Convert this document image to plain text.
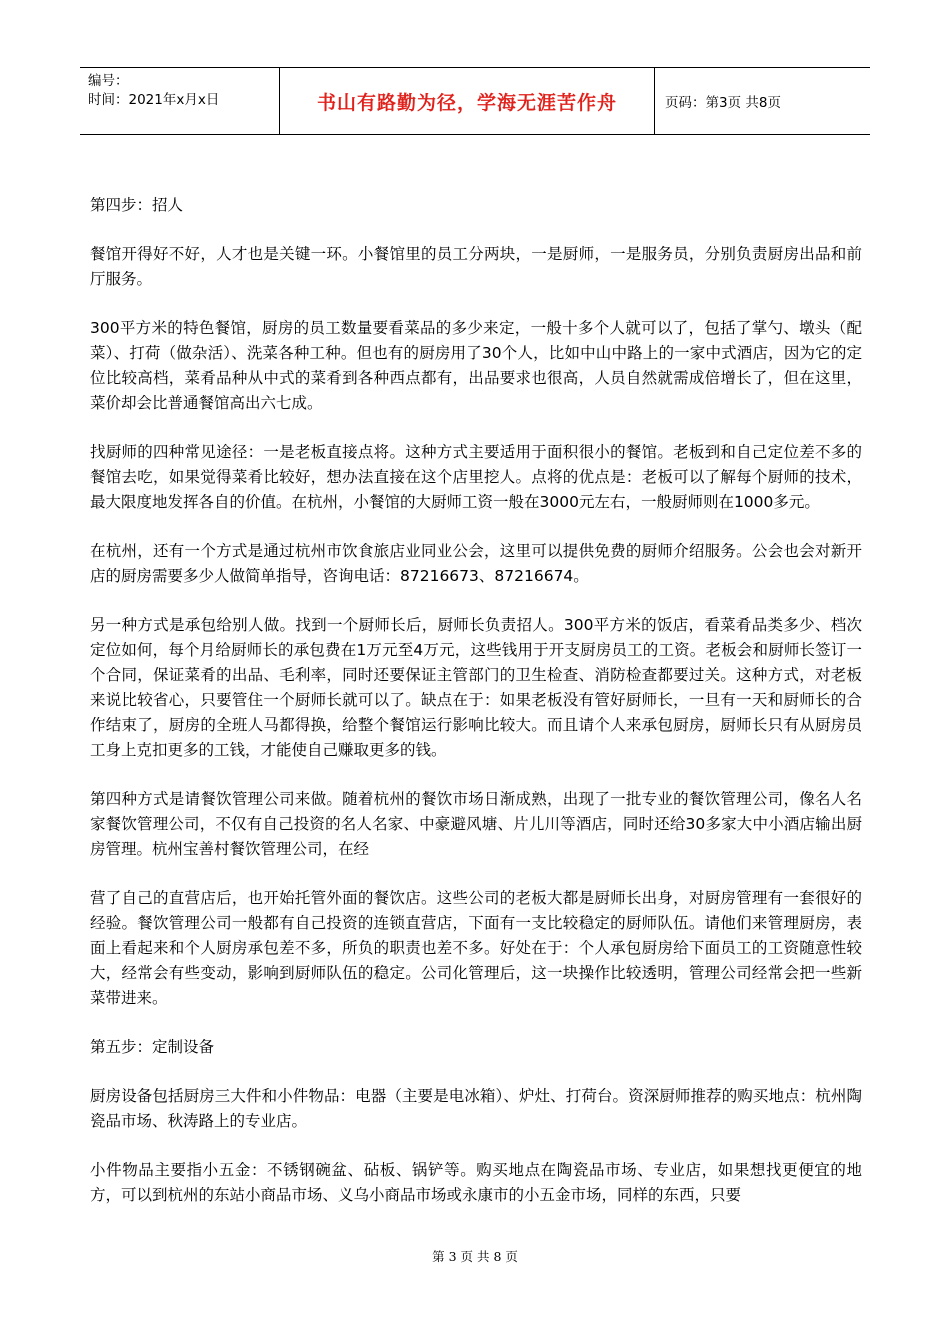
编号：
时间：2021年x月x日	书山有路勤为径，学海无涯苦作舟	页码：第3页 共8页

第四步：招人

餐馆开得好不好，人才也是关键一环。小餐馆里的员工分两块，一是厨师，一是服务员，分别负责厨房出品和前厅服务。

300平方米的特色餐馆，厨房的员工数量要看菜品的多少来定，一般十多个人就可以了，包括了掌勺、墩头（配菜）、打荷（做杂活）、洗菜各种工种。但也有的厨房用了30个人，比如中山中路上的一家中式酒店，因为它的定位比较高档，菜肴品种从中式的菜肴到各种西点都有，出品要求也很高，人员自然就需成倍增长了，但在这里，菜价却会比普通餐馆高出六七成。

找厨师的四种常见途径：一是老板直接点将。这种方式主要适用于面积很小的餐馆。老板到和自己定位差不多的餐馆去吃，如果觉得菜肴比较好，想办法直接在这个店里挖人。点将的优点是：老板可以了解每个厨师的技术，最大限度地发挥各自的价值。在杭州，小餐馆的大厨师工资一般在3000元左右，一般厨师则在1000多元。

在杭州，还有一个方式是通过杭州市饮食旅店业同业公会，这里可以提供免费的厨师介绍服务。公会也会对新开店的厨房需要多少人做简单指导，咨询电话：87216673、87216674。

另一种方式是承包给别人做。找到一个厨师长后，厨师长负责招人。300平方米的饭店，看菜肴品类多少、档次定位如何，每个月给厨师长的承包费在1万元至4万元，这些钱用于开支厨房员工的工资。老板会和厨师长签订一个合同，保证菜肴的出品、毛利率，同时还要保证主管部门的卫生检查、消防检查都要过关。这种方式，对老板来说比较省心，只要管住一个厨师长就可以了。缺点在于：如果老板没有管好厨师长，一旦有一天和厨师长的合作结束了，厨房的全班人马都得换，给整个餐馆运行影响比较大。而且请个人来承包厨房，厨师长只有从厨房员工身上克扣更多的工钱，才能使自己赚取更多的钱。

第四种方式是请餐饮管理公司来做。随着杭州的餐饮市场日渐成熟，出现了一批专业的餐饮管理公司，像名人名家餐饮管理公司，不仅有自己投资的名人名家、中豪避风塘、片儿川等酒店，同时还给30多家大中小酒店输出厨房管理。杭州宝善村餐饮管理公司，在经

营了自己的直营店后，也开始托管外面的餐饮店。这些公司的老板大都是厨师长出身，对厨房管理有一套很好的经验。餐饮管理公司一般都有自己投资的连锁直营店，下面有一支比较稳定的厨师队伍。请他们来管理厨房，表面上看起来和个人厨房承包差不多，所负的职责也差不多。好处在于：个人承包厨房给下面员工的工资随意性较大，经常会有些变动，影响到厨师队伍的稳定。公司化管理后，这一块操作比较透明，管理公司经常会把一些新菜带进来。

第五步：定制设备

厨房设备包括厨房三大件和小件物品：电器（主要是电冰箱）、炉灶、打荷台。资深厨师推荐的购买地点：杭州陶瓷品市场、秋涛路上的专业店。

小件物品主要指小五金：不锈钢碗盆、砧板、锅铲等。购买地点在陶瓷品市场、专业店，如果想找更便宜的地方，可以到杭州的东站小商品市场、义乌小商品市场或永康市的小五金市场，同样的东西，只要

第 3 页 共 8 页
